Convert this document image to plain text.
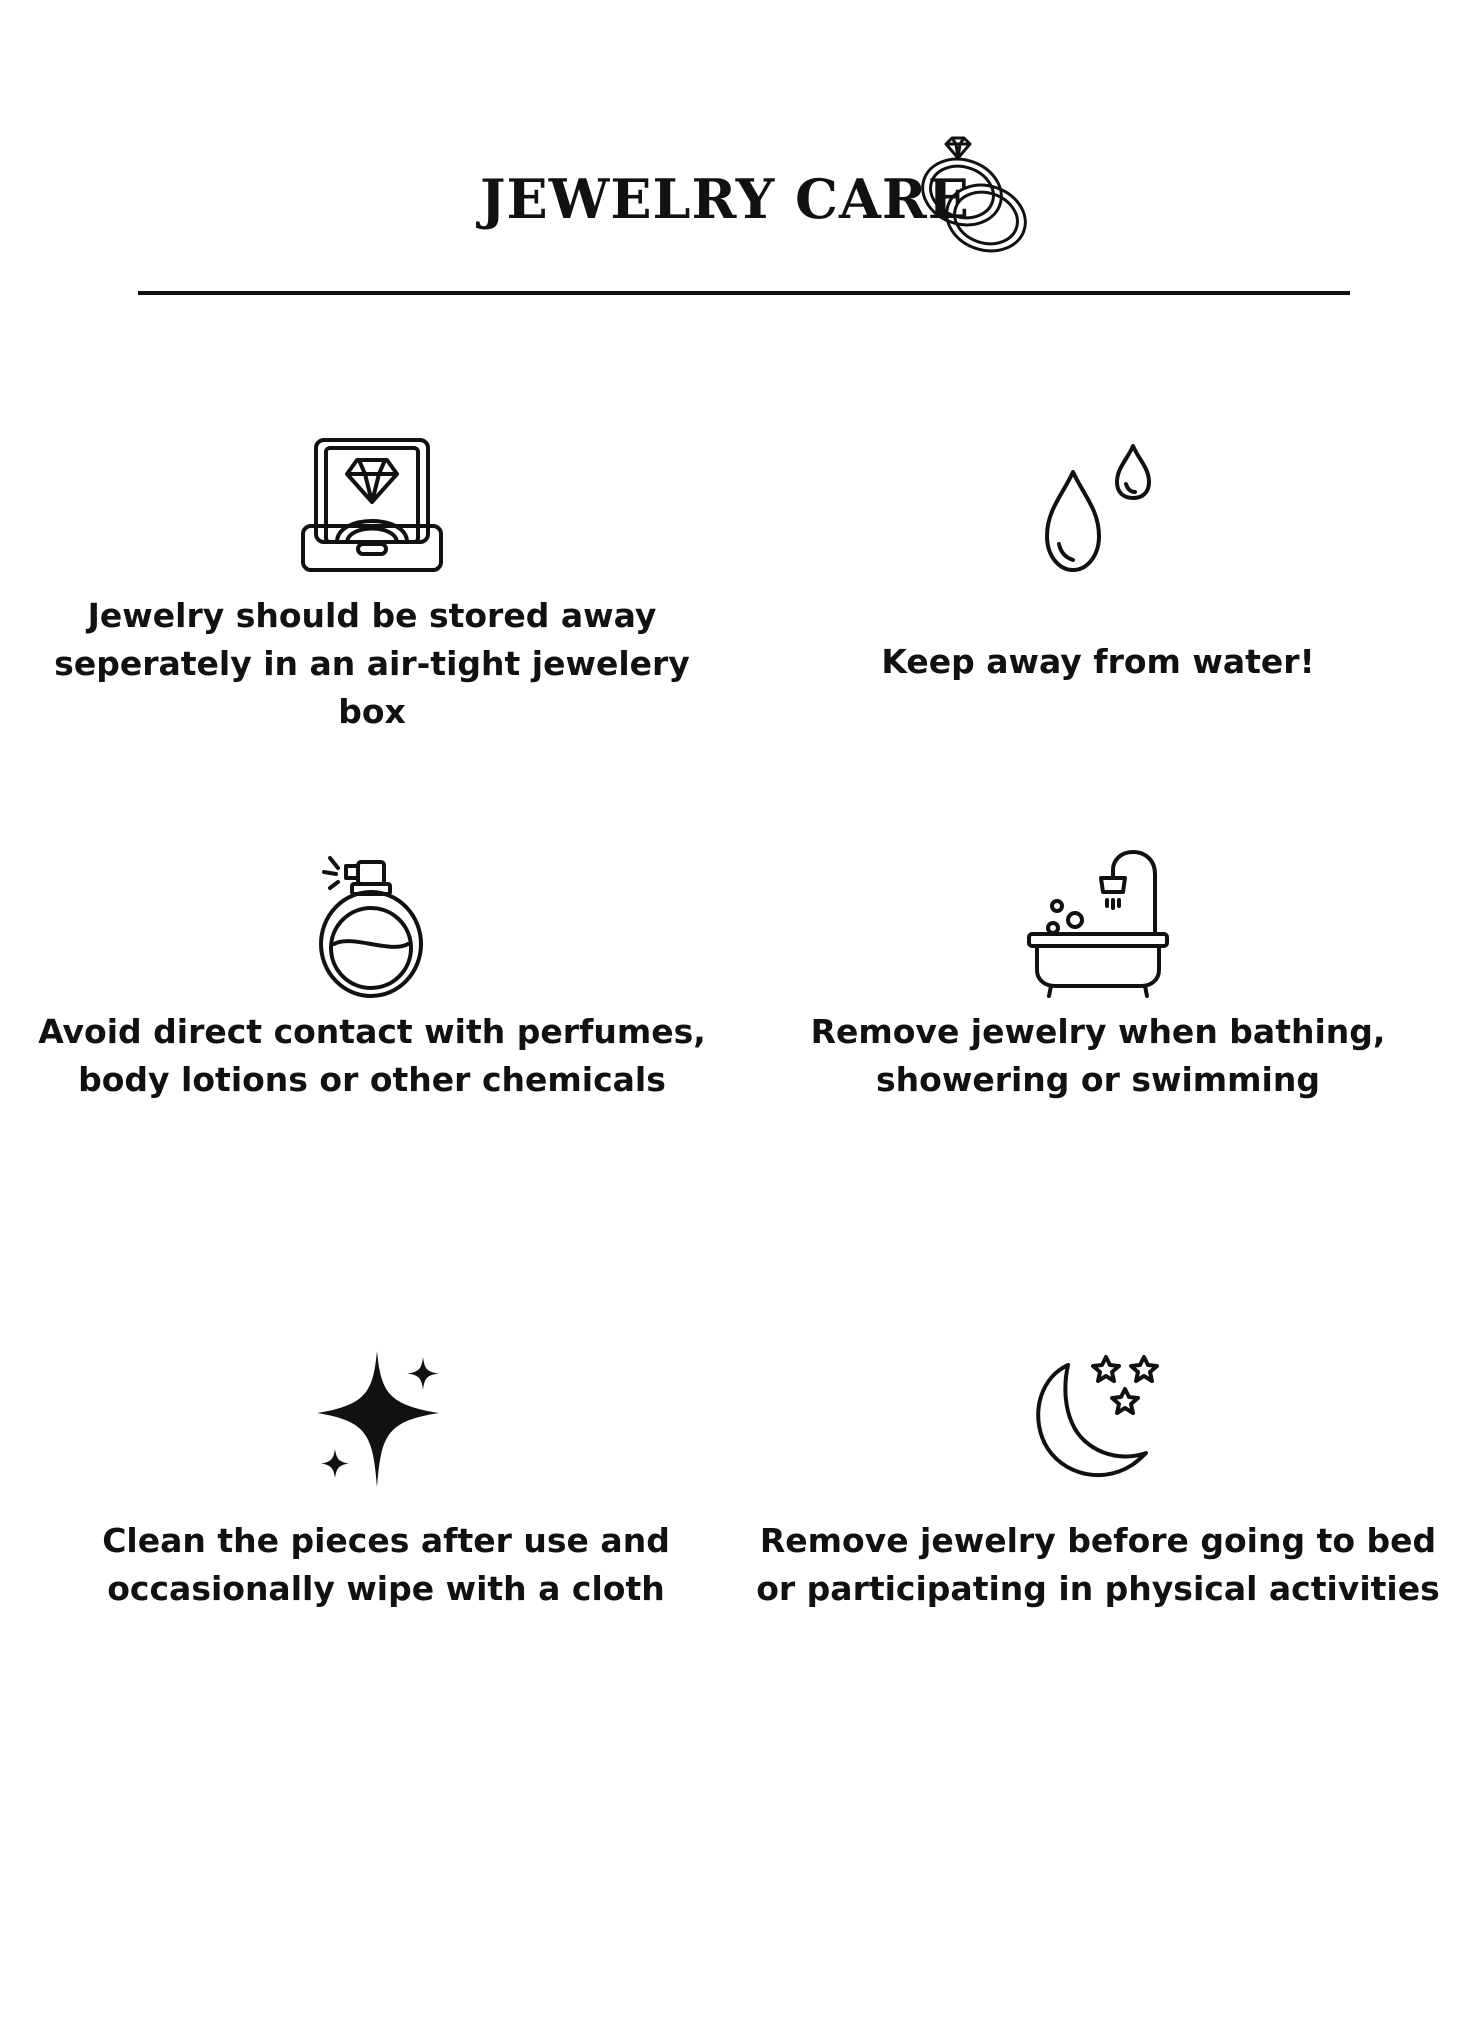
JEWELRY CARE
Jewelry should be stored away seperately in an air-tight jewelery box
Keep away from water!
Avoid direct contact with perfumes, body lotions or other chemicals
Remove jewelry when bathing, showering or swimming
Clean the pieces after use and occasionally wipe with a cloth
Remove jewelry before going to bed or participating in physical activities
